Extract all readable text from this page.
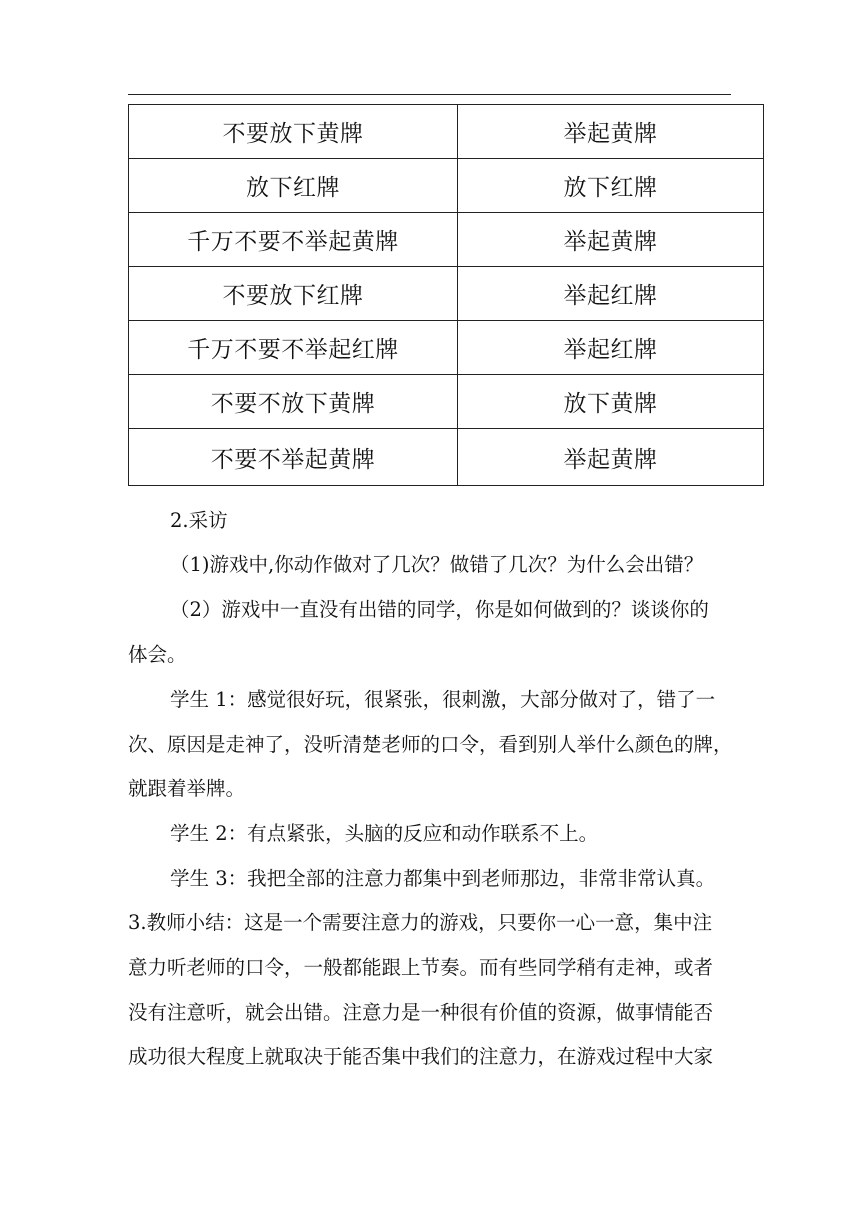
不要放下黄牌	举起黄牌
放下红牌	放下红牌
千万不要不举起黄牌	举起黄牌
不要放下红牌	举起红牌
千万不要不举起红牌	举起红牌
不要不放下黄牌	放下黄牌
不要不举起黄牌	举起黄牌
2.采访
（1)游戏中,你动作做对了几次？做错了几次？为什么会出错？
（2）游戏中一直没有出错的同学，你是如何做到的？谈谈你的
体会。
学生 1：感觉很好玩，很紧张，很刺激，大部分做对了，错了一
次、原因是走神了，没听清楚老师的口令，看到别人举什么颜色的牌，
就跟着举牌。
学生 2：有点紧张，头脑的反应和动作联系不上。
学生 3：我把全部的注意力都集中到老师那边，非常非常认真。
3.教师小结：这是一个需要注意力的游戏，只要你一心一意，集中注
意力听老师的口令，一般都能跟上节奏。而有些同学稍有走神，或者
没有注意听，就会出错。注意力是一种很有价值的资源，做事情能否
成功很大程度上就取决于能否集中我们的注意力，在游戏过程中大家
